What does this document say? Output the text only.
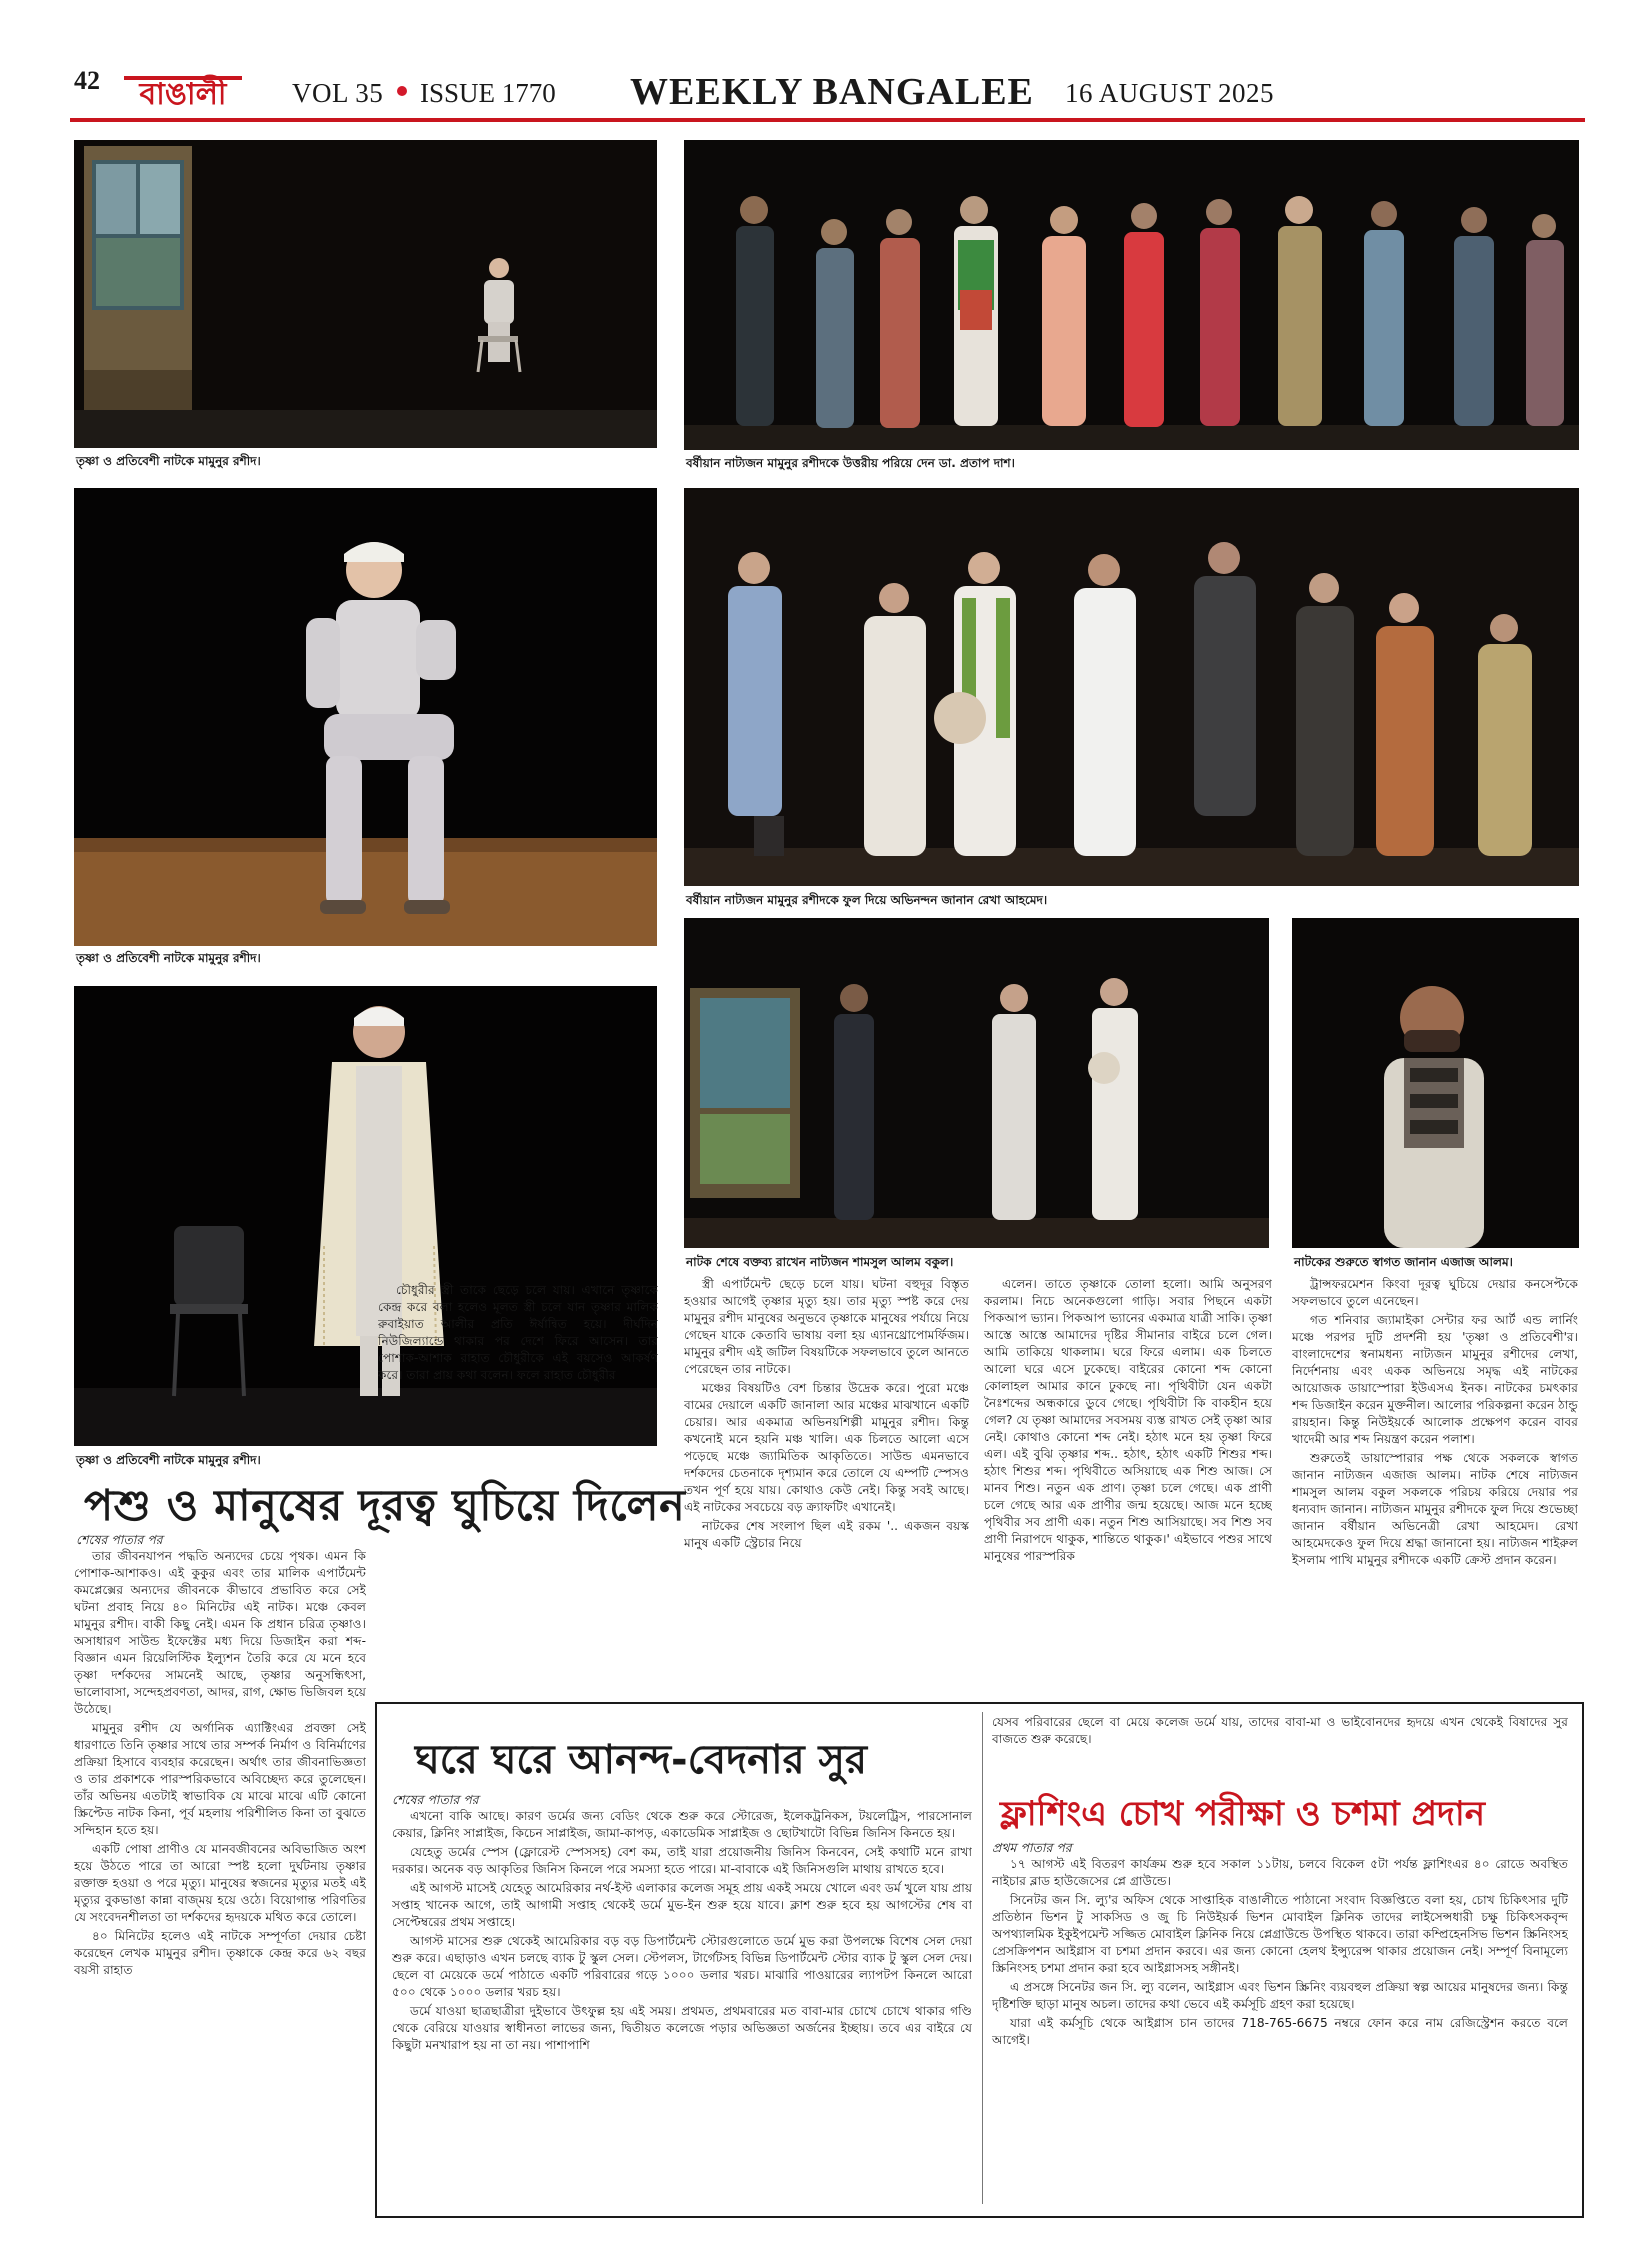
42 বাঙালী VOL 35 ISSUE 1770 WEEKLY BANGALEE 16 AUGUST 2025
তৃষ্ণা ও প্রতিবেশী নাটকে মামুনুর রশীদ।	বর্ষীয়ান নাট্যজন মামুনুর রশীদকে উত্তরীয় পরিয়ে দেন ডা. প্রতাপ দাশ।
তৃষ্ণা ও প্রতিবেশী নাটকে মামুনুর রশীদ।
বর্ষীয়ান নাট্যজন মামুনুর রশীদকে ফুল দিয়ে অভিনন্দন জানান রেখা আহমেদ।
নাটক শেষে বক্তব্য রাখেন নাট্যজন শামসুল আলম বকুল।	নাটকের শুরুতে স্বাগত জানান এজাজ আলম।
তৃষ্ণা ও প্রতিবেশী নাটকে মামুনুর রশীদ।
পশু ও মানুষের দূরত্ব ঘুচিয়ে দিলেন
শেষের পাতার পর

তার জীবনযাপন পদ্ধতি অন্যদের চেয়ে পৃথক। এমন কি পোশাক-আশাকও। এই কুকুর এবং তার মালিক এপার্টমেন্ট কমপ্লেক্সের অন্যদের জীবনকে কীভাবে প্রভাবিত করে সেই ঘটনা প্রবাহ নিয়ে ৪০ মিনিটের এই নাটক। মঞ্চে কেবল মামুনুর রশীদ। বাকী কিছু নেই। এমন কি প্রধান চরিত্র তৃষ্ণাও। অসাধারণ সাউন্ড ইফেক্টের মধ্য দিয়ে ডিজাইন করা শব্দ-বিজ্ঞান এমন রিয়েলিস্টিক ইল্যুশন তৈরি করে যে মনে হবে তৃষ্ণা দর্শকদের সামনেই আছে, তৃষ্ণার অনুসন্ধিৎসা, ভালোবাসা, সন্দেহপ্রবণতা, আদর, রাগ, ক্ষোভ ভিজিবল হয়ে উঠেছে।

মামুনুর রশীদ যে অর্গানিক এ্যাক্টিংএর প্রবক্তা সেই ধারণাতে তিনি তৃষ্ণার সাথে তার সম্পর্ক নির্মাণ ও বিনির্মাণের প্রক্রিয়া হিসাবে ব্যবহার করেছেন। অর্থাৎ তার জীবনাভিজ্ঞতা ও তার প্রকাশকে পারস্পরিকভাবে অবিচ্ছেদ্য করে তুলেছেন। তাঁর অভিনয় এতটাই স্বাভাবিক যে মাঝে মাঝে এটি কোনো স্ক্রিপ্টেড নাটক কিনা, পূর্ব মহলায় পরিশীলিত কিনা তা বুঝতে সন্দিহান হতে হয়।

একটি পোষা প্রাণীও যে মানবজীবনের অবিভাজিত অংশ হয়ে উঠতে পারে তা আরো স্পষ্ট হলো দুর্ঘটনায় তৃষ্ণার রক্তাক্ত হওয়া ও পরে মৃত্যু। মানুষের স্বজনের মৃত্যুর মতই এই মৃত্যুর বুকভাঙা কান্না বাজ্ময় হয়ে ওঠে। বিয়োগান্ত পরিণতির যে সংবেদনশীলতা তা দর্শকদের হৃদয়কে মথিত করে তোলে।

৪০ মিনিটের হলেও এই নাটকে সম্পূর্ণতা দেয়ার চেষ্টা করেছেন লেখক মামুনুর রশীদ। তৃষ্ণাকে কেন্দ্র করে ৬২ বছর বয়সী রাহাত

চৌধুরীর স্ত্রী তাকে ছেড়ে চলে যায়। এখানে তৃষ্ণাকে কেন্দ্র করে বলা হলেও মূলত স্ত্রী চলে যান তৃষ্ণার মালিক রুবাইয়াত আলীর প্রতি ঈর্ষান্বিত হয়ে। দীর্ঘদিন নিউজিল্যান্ডে থাকার পর দেশে ফিরে আসেন। তার পোশাক-আশাক রাহাত চৌধুরীকে এই বয়সেও আকর্ষণ করে। তারা প্রায় কথা বলেন। ফলে রাহাত চৌধুরীর

স্ত্রী এপার্টমেন্ট ছেড়ে চলে যায়। ঘটনা বহুদূর বিস্তৃত হওয়ার আগেই তৃষ্ণার মৃত্যু হয়। তার মৃত্যু স্পষ্ট করে দেয় মামুনুর রশীদ মানুষের অনুভবে তৃষ্ণাকে মানুষের পর্যায়ে নিয়ে গেছেন যাকে কেতাবি ভাষায় বলা হয় এ্যানথ্রোপোমর্ফিজম। মামুনুর রশীদ এই জটিল বিষয়টিকে সফলভাবে তুলে আনতে পেরেছেন তার নাটকে।

মঞ্চের বিষয়টিও বেশ চিন্তার উদ্রেক করে। পুরো মঞ্চে বামের দেয়ালে একটি জানালা আর মঞ্চের মাঝখানে একটি চেয়ার। আর একমাত্র অভিনয়শিল্পী মামুনুর রশীদ। কিন্তু কখনোই মনে হয়নি মঞ্চ খালি। এক চিলতে আলো এসে পড়েছে মঞ্চে জ্যামিতিক আকৃতিতে। সাউন্ড এমনভাবে দর্শকদের চেতনাকে দৃশ্যমান করে তোলে যে এম্পটি স্পেসও তখন পূর্ণ হয়ে যায়। কোথাও কেউ নেই। কিন্তু সবই আছে। এই নাটকের সবচেয়ে বড় ক্র্যাফটিং এখানেই।

নাটকের শেষ সংলাপ ছিল এই রকম '.. একজন বয়স্ক মানুষ একটি স্ট্রেচার নিয়ে

এলেন। তাতে তৃষ্ণাকে তোলা হলো। আমি অনুসরণ করলাম। নিচে অনেকগুলো গাড়ি। সবার পিছনে একটা পিকআপ ভ্যান। পিকআপ ভ্যানের একমাত্র যাত্রী সাকি। তৃষ্ণা আস্তে আস্তে আমাদের দৃষ্টির সীমানার বাইরে চলে গেল। আমি তাকিয়ে থাকলাম। ঘরে ফিরে এলাম। এক চিলতে আলো ঘরে এসে ঢুকেছে। বাইরের কোনো শব্দ কোনো কোলাহল আমার কানে ঢুকছে না। পৃথিবীটা যেন একটা নৈঃশব্দের অন্ধকারে ডুবে গেছে। পৃথিবীটা কি বাকহীন হয়ে গেল? যে তৃষ্ণা আমাদের সবসময় ব্যস্ত রাখত সেই তৃষ্ণা আর নেই। কোথাও কোনো শব্দ নেই। হঠাৎ মনে হয় তৃষ্ণা ফিরে এল। এই বুঝি তৃষ্ণার শব্দ.. হঠাৎ, হঠাৎ একটি শিশুর শব্দ। হঠাৎ শিশুর শব্দ। পৃথিবীতে অসিয়াছে এক শিশু আজ। সে মানব শিশু। নতুন এক প্রাণ। তৃষ্ণা চলে গেছে। এক প্রাণী চলে গেছে আর এক প্রাণীর জন্ম হয়েছে। আজ মনে হচ্ছে পৃথিবীর সব প্রাণী এক। নতুন শিশু আসিয়াছে। সব শিশু সব প্রাণী নিরাপদে থাকুক, শান্তিতে থাকুক।' এইভাবে পশুর সাথে মানুষের পারস্পরিক

ট্রান্সফরমেশন কিংবা দূরত্ব ঘুচিয়ে দেয়ার কনসেপ্টকে সফলভাবে তুলে এনেছেন।

গত শনিবার জ্যামাইকা সেন্টার ফর আর্ট এন্ড লার্নিং মঞ্চে পরপর দুটি প্রদর্শনী হয় 'তৃষ্ণা ও প্রতিবেশী'র। বাংলাদেশের স্বনামধন্য নাট্যজন মামুনুর রশীদের লেখা, নির্দেশনায় এবং একক অভিনয়ে সমৃদ্ধ এই নাটকের আয়োজক ডায়াস্পোরা ইউএসএ ইনক। নাটকের চমৎকার শব্দ ডিজাইন করেন মুক্তনীল। আলোর পরিকল্পনা করেন ঠান্ডু রায়হান। কিন্তু নিউইয়র্কে আলোক প্রক্ষেপণ করেন বাবর খাদেমী আর শব্দ নিয়ন্ত্রণ করেন পলাশ।

শুরুতেই ডায়াস্পোরার পক্ষ থেকে সকলকে স্বাগত জানান নাট্যজন এজাজ আলম। নাটক শেষে নাট্যজন শামসুল আলম বকুল সকলকে পরিচয় করিয়ে দেয়ার পর ধন্যবাদ জানান। নাট্যজন মামুনুর রশীদকে ফুল দিয়ে শুভেচ্ছা জানান বর্ষীয়ান অভিনেত্রী রেখা আহমেদ। রেখা আহমেদকেও ফুল দিয়ে শ্রদ্ধা জানানো হয়। নাট্যজন শাইরুল ইসলাম পাখি মামুনুর রশীদকে একটি ক্রেস্ট প্রদান করেন।

ঘরে ঘরে আনন্দ-বেদনার সুর
শেষের পাতার পর

এখনো বাকি আছে। কারণ ডর্মের জন্য বেডিং থেকে শুরু করে স্টোরেজ, ইলেকট্রনিকস, টয়লেট্রিস, পারসোনাল কেয়ার, ক্লিনিং সাপ্লাইজ, কিচেন সাপ্লাইজ, জামা-কাপড়, একাডেমিক সাপ্লাইজ ও ছোটখাটো বিভিন্ন জিনিস কিনতে হয়।

যেহেতু ডর্মের স্পেস (ফ্লোরেস্ট স্পেসসহ) বেশ কম, তাই যারা প্রয়োজনীয় জিনিস কিনবেন, সেই কথাটি মনে রাখা দরকার। অনেক বড় আকৃতির জিনিস কিনলে পরে সমস্যা হতে পারে। মা-বাবাকে এই জিনিসগুলি মাথায় রাখতে হবে।

এই আগস্ট মাসেই যেহেতু আমেরিকার নর্থ-ইস্ট এলাকার কলেজ সমূহ প্রায় একই সময়ে খোলে এবং ডর্ম খুলে যায় প্রায় সপ্তাহ খানেক আগে, তাই আগামী সপ্তাহ থেকেই ডর্মে মুভ-ইন শুরু হয়ে যাবে। ক্লাশ শুরু হবে হয় আগস্টের শেষ বা সেপ্টেম্বরের প্রথম সপ্তাহে।

আগস্ট মাসের শুরু থেকেই আমেরিকার বড় বড় ডিপার্টমেন্ট স্টোরগুলোতে ডর্মে মুভ করা উপলক্ষে বিশেষ সেল দেয়া শুরু করে। এছাড়াও এখন চলছে ব্যাক টু স্কুল সেল। স্টেপলস, টার্গেটসহ বিভিন্ন ডিপার্টমেন্ট স্টোর ব্যাক টু স্কুল সেল দেয়। ছেলে বা মেয়েকে ডর্মে পাঠাতে একটি পরিবারের গড়ে ১০০০ ডলার খরচ। মাঝারি পাওয়ারের ল্যাপটপ কিনলে আরো ৫০০ থেকে ১০০০ ডলার খরচ হয়।

ডর্মে যাওয়া ছাত্রছাত্রীরা দুইভাবে উৎফুল্ল হয় এই সময়। প্রথমত, প্রথমবারের মত বাবা-মার চোখে চোখে থাকার গণ্ডি থেকে বেরিয়ে যাওয়ার স্বাধীনতা লাভের জন্য, দ্বিতীয়ত কলেজে পড়ার অভিজ্ঞতা অর্জনের ইচ্ছায়। তবে এর বাইরে যে কিছুটা মনখারাপ হয় না তা নয়। পাশাপাশি

যেসব পরিবারের ছেলে বা মেয়ে কলেজ ডর্মে যায়, তাদের বাবা-মা ও ভাইবোনদের হৃদয়ে এখন থেকেই বিষাদের সুর বাজতে শুরু করেছে।

ফ্লাশিংএ চোখ পরীক্ষা ও চশমা প্রদান
প্রথম পাতার পর

১৭ আগস্ট এই বিতরণ কার্যক্রম শুরু হবে সকাল ১১টায়, চলবে বিকেল ৫টা পর্যন্ত ফ্লাশিংএর ৪০ রোডে অবস্থিত নাইচার ব্লাড হাউজেসের প্লে গ্রাউন্ডে।

সিনেটর জন সি. ল্যু'র অফিস থেকে সাপ্তাহিক বাঙালীতে পাঠানো সংবাদ বিজ্ঞপ্তিতে বলা হয়, চোখ চিকিৎসার দুটি প্রতিষ্ঠান ভিশন টু সাকসিড ও জু চি নিউইয়র্ক ভিশন মোবাইল ক্লিনিক তাদের লাইসেন্সধারী চক্ষু চিকিৎসকবৃন্দ অপথ্যালমিক ইকুইপমেন্ট সজ্জিত মোবাইল ক্লিনিক নিয়ে প্লেগ্রাউন্ডে উপস্থিত থাকবে। তারা কম্প্রিহেনসিভ ভিশন স্ক্রিনিংসহ প্রেসক্রিপশন আইগ্লাস বা চশমা প্রদান করবে। এর জন্য কোনো হেলথ ইন্স্যুরেন্স থাকার প্রয়োজন নেই। সম্পূর্ণ বিনামূল্যে স্ক্রিনিংসহ চশমা প্রদান করা হবে আইগ্লাসসহ সঙ্গীনই।

এ প্রসঙ্গে সিনেটর জন সি. ল্যু বলেন, আইগ্লাস এবং ভিশন স্ক্রিনিং ব্যয়বহুল প্রক্রিয়া স্বল্প আয়ের মানুষদের জন্য। কিন্তু দৃষ্টিশক্তি ছাড়া মানুষ অচল। তাদের কথা ভেবে এই কর্মসূচি গ্রহণ করা হয়েছে।

যারা এই কর্মসূচি থেকে আইগ্লাস চান তাদের 718-765-6675 নম্বরে ফোন করে নাম রেজিস্ট্রেশন করতে বলে আগেই।
